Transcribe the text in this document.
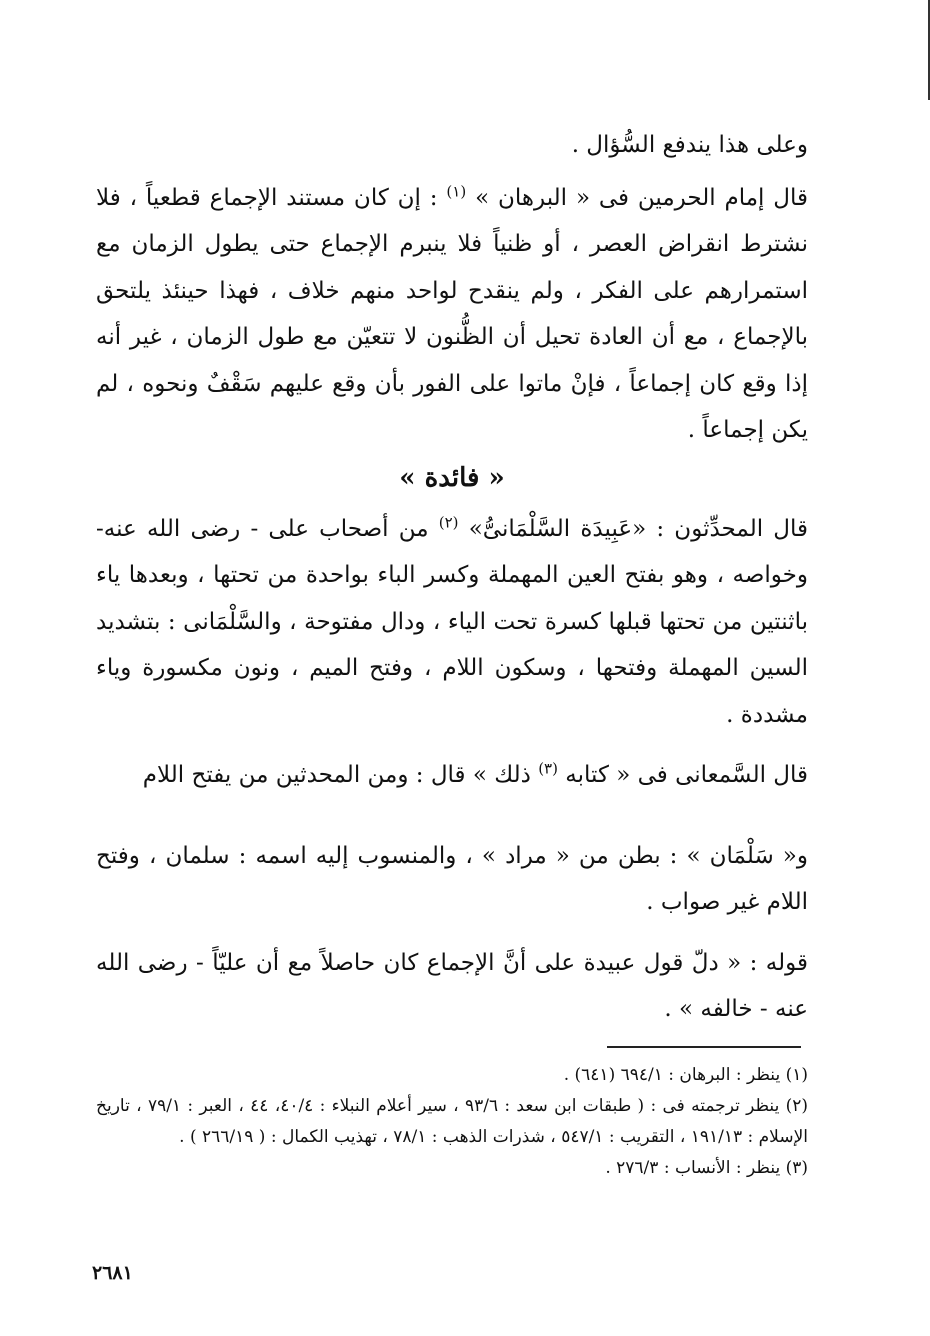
وعلى هذا يندفع السُّؤال .

قال إمام الحرمين فى « البرهان » $^{(١)}$ : إن كان مستند الإجماع قطعياً ، فلا نشترط انقراض العصر ، أو ظنياً فلا ينبرم الإجماع حتى يطول الزمان مع استمرارهم على الفكر ، ولم ينقدح لواحد منهم خلاف ، فهذا حينئذ يلتحق بالإجماع ، مع أن العادة تحيل أن الظُّنون لا تتعيّن مع طول الزمان ، غير أنه إذا وقع كان إجماعاً ، فإنْ ماتوا على الفور بأن وقع عليهم سَقْفٌ ونحوه ، لم يكن إجماعاً .

« فائدة »

قال المحدِّثون : «عَبِيدَة السَّلْمَانىُّ» $^{(٢)}$ من أصحاب على - رضى الله عنه- وخواصه ، وهو بفتح العين المهملة وكسر الباء بواحدة من تحتها ، وبعدها ياء باثنتين من تحتها قبلها كسرة تحت الياء ، ودال مفتوحة ، والسَّلْمَانى : بتشديد السين المهملة وفتحها ، وسكون اللام ، وفتح الميم ، ونون مكسورة وياء مشددة .

قال السَّمعانى فى « كتابه $^{(٣)}$ ذلك » قال : ومن المحدثين من يفتح اللام

و« سَلْمَان » : بطن من « مراد » ، والمنسوب إليه اسمه : سلمان ، وفتح اللام غير صواب .

قوله : « دلّ قول عبيدة على أنَّ الإجماع كان حاصلاً مع أن عليّاً - رضى الله عنه - خالفه » .

(١) ينظر : البرهان : ٦٩٤/١ (٦٤١) .

(٢) ينظر ترجمته فى : ( طبقات ابن سعد : ٩٣/٦ ، سير أعلام النبلاء : ٤٠/٤، ٤٤ ، العبر : ٧٩/١ ، تاريخ الإسلام : ١٩١/١٣ ، التقريب : ٥٤٧/١ ، شذرات الذهب : ٧٨/١ ، تهذيب الكمال : ( ٢٦٦/١٩ ) .

(٣) ينظر : الأنساب : ٢٧٦/٣ .

٢٦٨١
